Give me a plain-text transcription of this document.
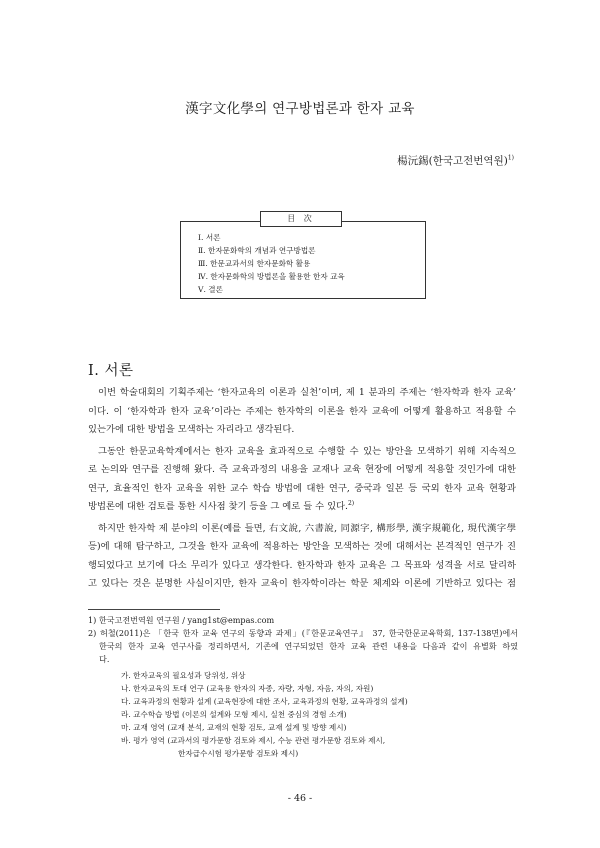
漢字文化學의 연구방법론과 한자 교육
楊沅錫(한국고전번역원)$^{1)}$
目 次
Ⅰ. 서론
Ⅱ. 한자문화학의 개념과 연구방법론
Ⅲ. 한문교과서의 한자문화학 활용
Ⅳ. 한자문화학의 방법론을 활용한 한자 교육
Ⅴ. 결론
Ⅰ. 서론
이번 학술대회의 기획주제는 ‘한자교육의 이론과 실천’이며, 제 1 분과의 주제는 ‘한자학과 한자 교육’
이다. 이 ‘한자학과 한자 교육’이라는 주제는 한자학의 이론을 한자 교육에 어떻게 활용하고 적용할 수
있는가에 대한 방법을 모색하는 자리라고 생각된다.
그동안 한문교육학계에서는 한자 교육을 효과적으로 수행할 수 있는 방안을 모색하기 위해 지속적으
로 논의와 연구를 진행해 왔다. 즉 교육과정의 내용을 교재나 교육 현장에 어떻게 적용할 것인가에 대한
연구, 효율적인 한자 교육을 위한 교수 학습 방법에 대한 연구, 중국과 일본 등 국외 한자 교육 현황과
방법론에 대한 검토를 통한 시사점 찾기 등을 그 예로 들 수 있다.$^{2)}$
하지만 한자학 제 분야의 이론(예를 들면, 右文說, 六書說, 同源字, 構形學, 漢字規範化, 現代漢字學
등)에 대해 탐구하고, 그것을 한자 교육에 적용하는 방안을 모색하는 것에 대해서는 본격적인 연구가 진
행되었다고 보기에 다소 무리가 있다고 생각한다. 한자학과 한자 교육은 그 목표와 성격을 서로 달리하
고 있다는 것은 분명한 사실이지만, 한자 교육이 한자학이라는 학문 체계와 이론에 기반하고 있다는 점
1) 한국고전번역원 연구원 / yang1st@empas.com
2) 허철(2011)은 「한국 한자 교육 연구의 동향과 과제」(『한문교육연구』 37, 한국한문교육학회, 137-138면)에서
한국의 한자 교육 연구사를 정리하면서, 기존에 연구되었던 한자 교육 관련 내용을 다음과 같이 유별화 하였
다.
가. 한자교육의 필요성과 당위성, 위상
나. 한자교육의 토대 연구 (교육용 한자의 자종, 자량, 자형, 자음, 자의, 자원)
다. 교육과정의 현황과 설계 (교육현장에 대한 조사, 교육과정의 현황, 교육과정의 설계)
라. 교수학습 방법 (이론의 설계와 모형 제시, 실천 중심의 경험 소개)
마. 교재 영역 (교재 분석, 교재의 현황 검토, 교재 설계 및 방향 제시)
바. 평가 영역 (교과서의 평가문항 검토와 제시, 수능 관련 평가문항 검토와 제시,
한자급수시험 평가문항 검토와 제시)
- 46 -
